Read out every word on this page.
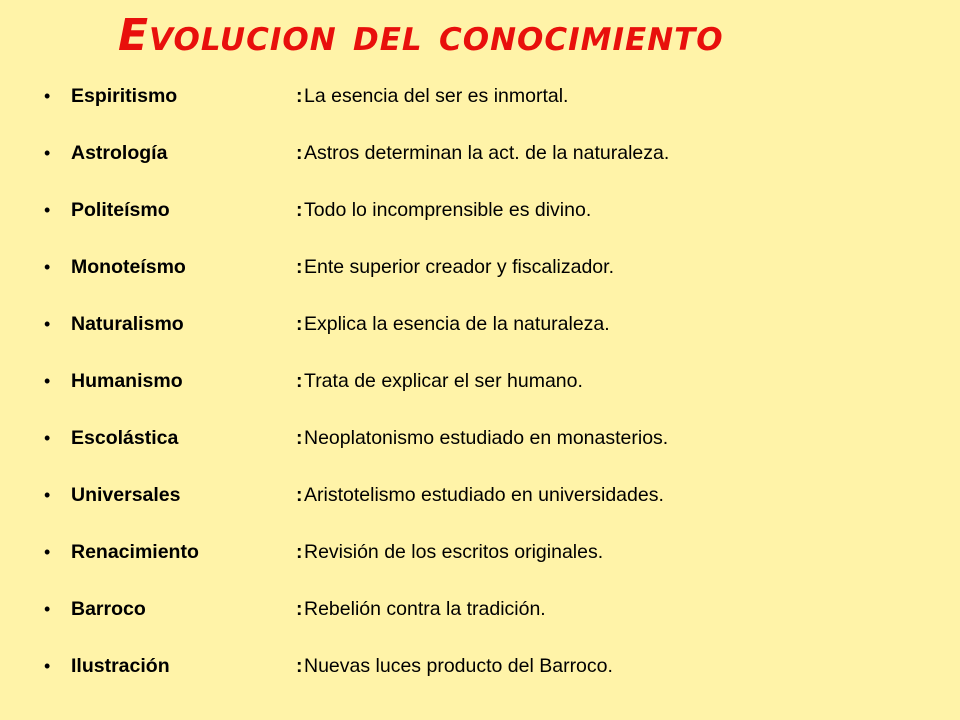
Evolucion del conocimiento
• Espiritismo	: La esencia del ser es inmortal.
• Astrología	: Astros determinan la act. de la naturaleza.
• Politeísmo	: Todo lo incomprensible es divino.
• Monoteísmo	: Ente superior creador y fiscalizador.
• Naturalismo	: Explica la esencia de la naturaleza.
• Humanismo	: Trata de explicar el ser humano.
• Escolástica	: Neoplatonismo estudiado en monasterios.
• Universales	: Aristotelismo estudiado en universidades.
• Renacimiento	: Revisión de los escritos originales.
• Barroco	: Rebelión contra la tradición.
• Ilustración	: Nuevas luces producto del Barroco.
